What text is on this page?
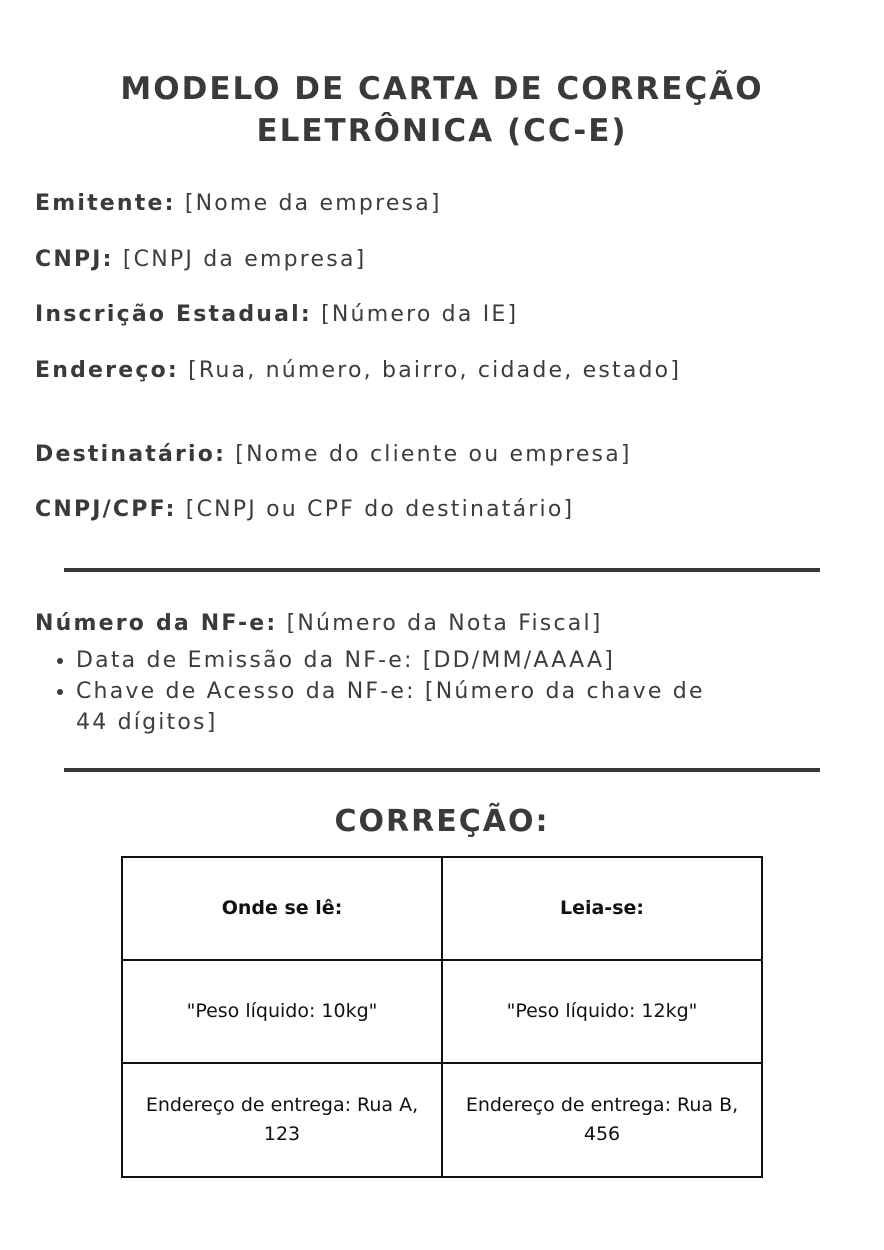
MODELO DE CARTA DE CORREÇÃO
ELETRÔNICA (CC-E)

Emitente: [Nome da empresa]

CNPJ: [CNPJ da empresa]

Inscrição Estadual: [Número da IE]

Endereço: [Rua, número, bairro, cidade, estado]

Destinatário: [Nome do cliente ou empresa]

CNPJ/CPF: [CNPJ ou CPF do destinatário]

Número da NF-e: [Número da Nota Fiscal]

• Data de Emissão da NF-e: [DD/MM/AAAA]
• Chave de Acesso da NF-e: [Número da chave de 44 dígitos]
CORREÇÃO:
Onde se lê:	Leia-se:
"Peso líquido: 10kg"	"Peso líquido: 12kg"
Endereço de entrega: Rua A, 123	Endereço de entrega: Rua B, 456
